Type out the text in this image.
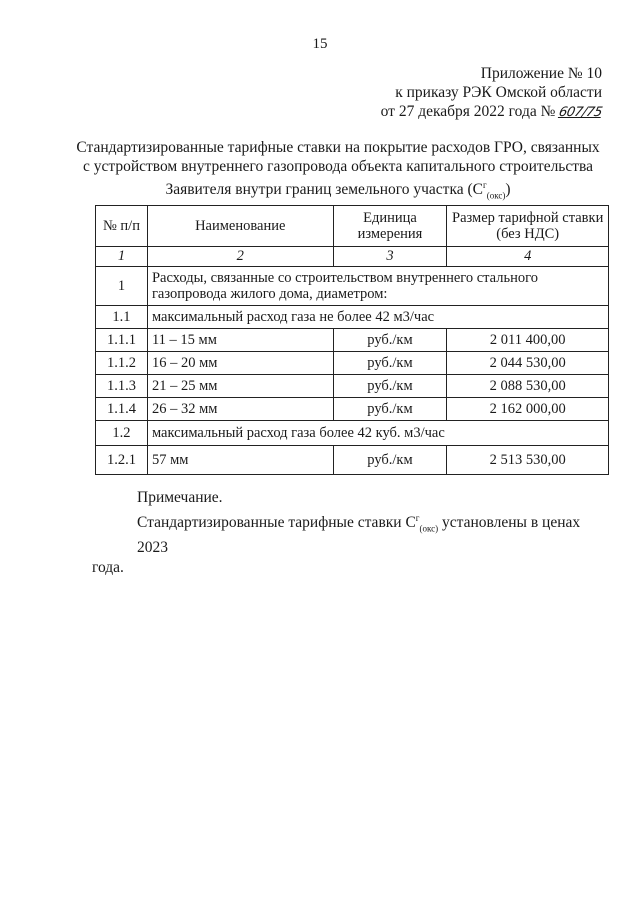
15
Приложение № 10
к приказу РЭК Омской области
от 27 декабря 2022 года № 607/75
Стандартизированные тарифные ставки на покрытие расходов ГРО, связанных
с устройством внутреннего газопровода объекта капитального строительства
Заявителя внутри границ земельного участка $(С^г_{(окс)})$
№ п/п	Наименование	Единица измерения	Размер тарифной ставки (без НДС)
1	2	3	4
1	Расходы, связанные со строительством внутреннего стального газопровода жилого дома, диаметром:		
1.1	максимальный расход газа не более 42 м3/час		
1.1.1	11 – 15 мм	руб./км	2 011 400,00
1.1.2	16 – 20 мм	руб./км	2 044 530,00
1.1.3	21 – 25 мм	руб./км	2 088 530,00
1.1.4	26 – 32 мм	руб./км	2 162 000,00
1.2	максимальный расход газа более 42 куб. м3/час		
1.2.1	57 мм	руб./км	2 513 530,00
Примечание.
Стандартизированные тарифные ставки $С^г_{(окс)}$ установлены в ценах 2023
года.
